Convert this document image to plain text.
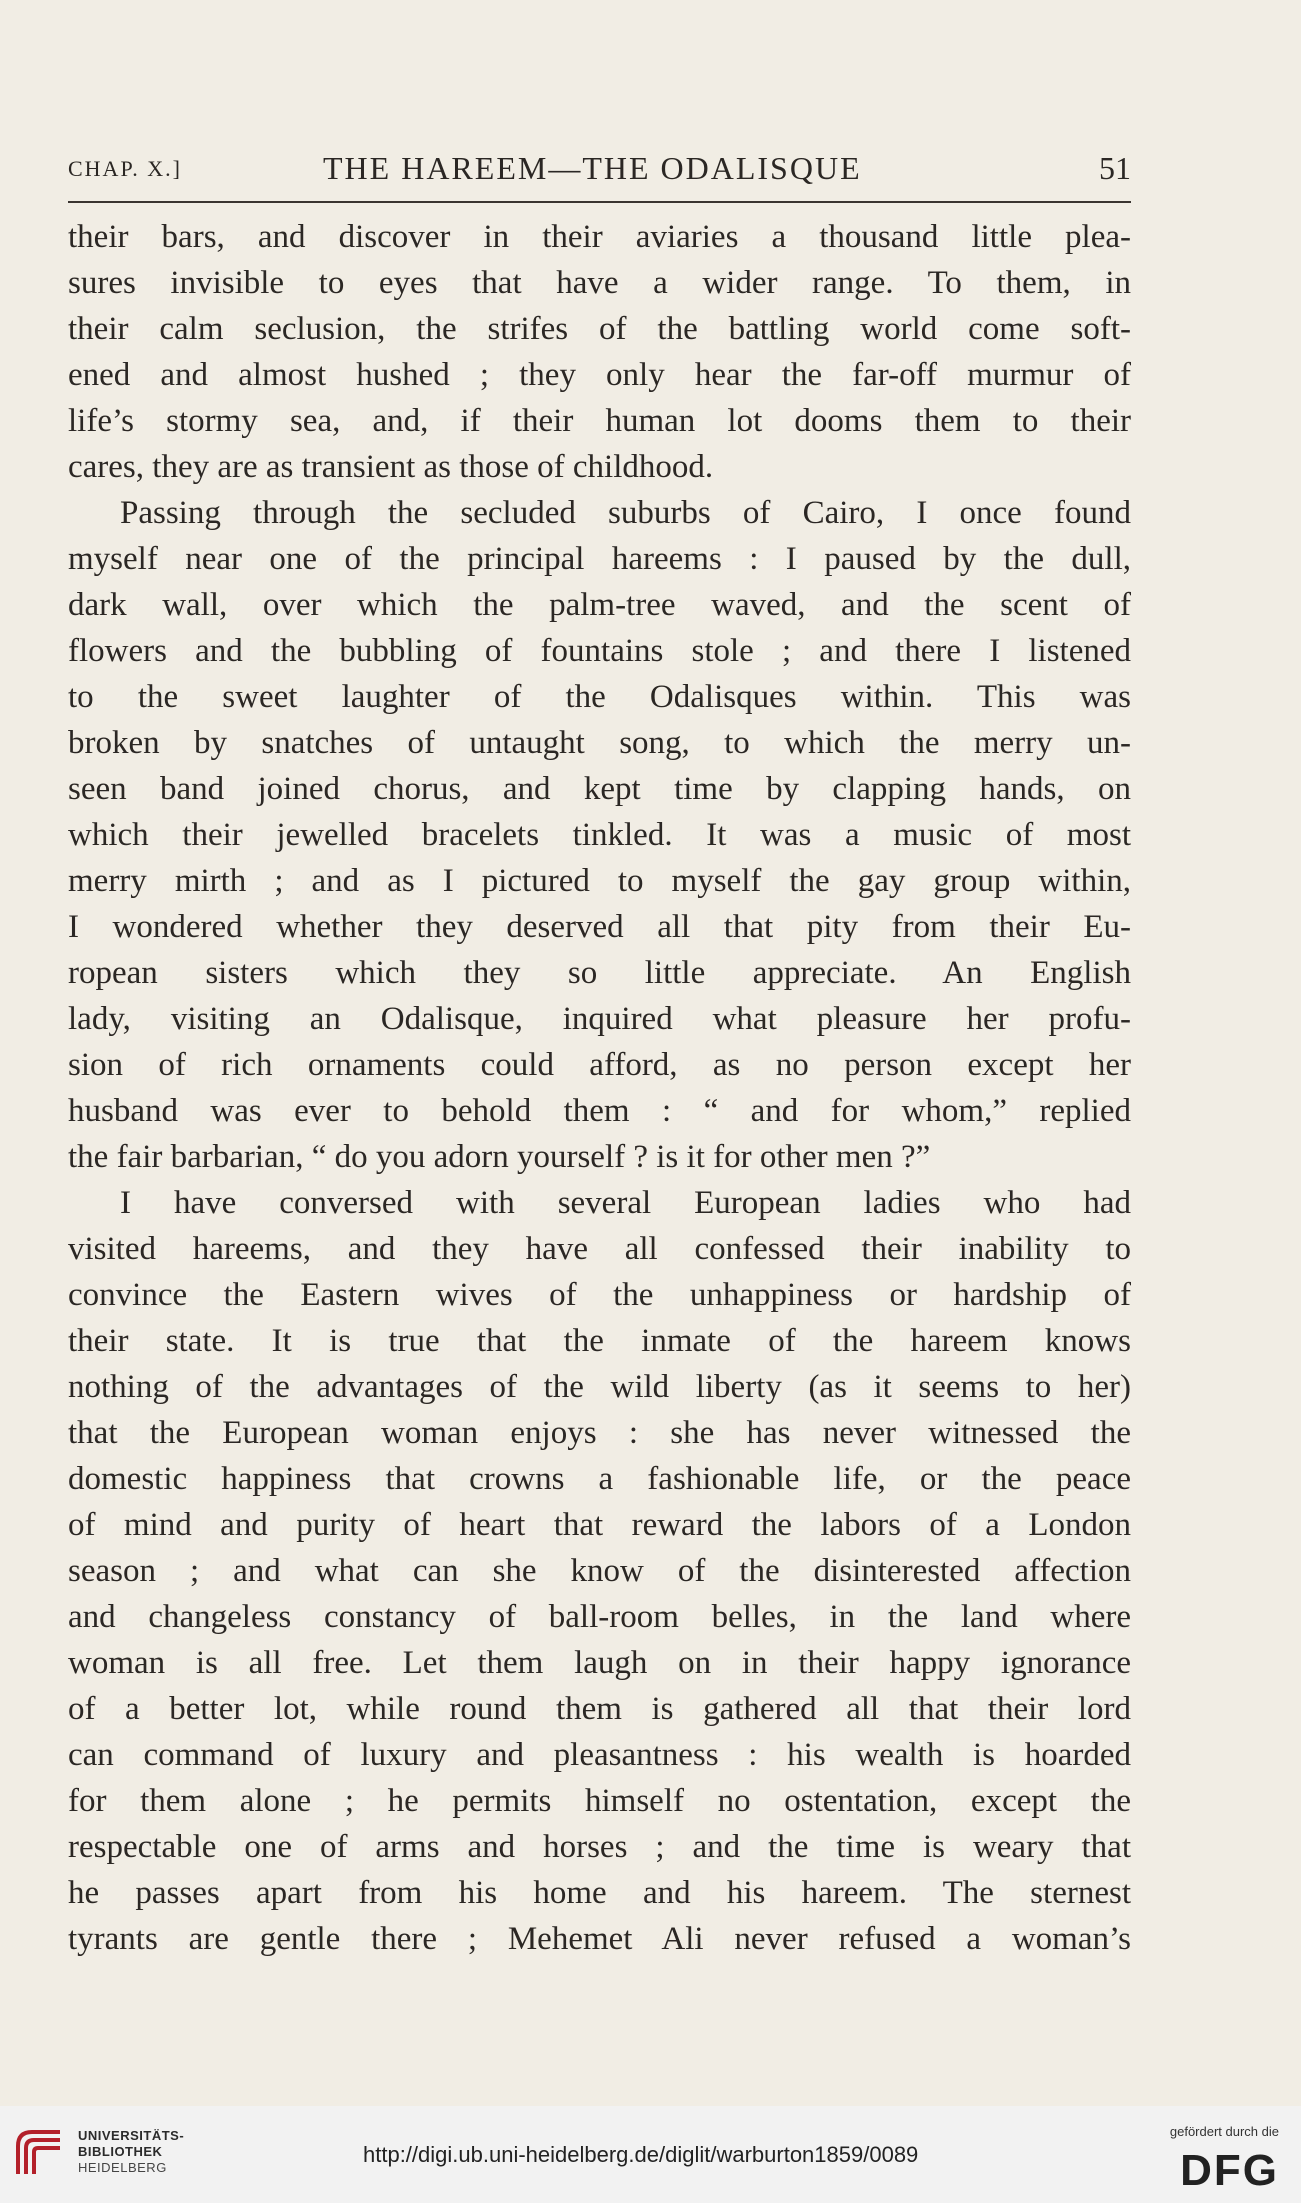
CHAP. X.]	THE HAREEM—THE ODALISQUE	51
their bars, and discover in their aviaries a thousand little plea-
sures invisible to eyes that have a wider range. To them, in
their calm seclusion, the strifes of the battling world come soft-
ened and almost hushed ; they only hear the far-off murmur of
life’s stormy sea, and, if their human lot dooms them to their
cares, they are as transient as those of childhood.
Passing through the secluded suburbs of Cairo, I once found
myself near one of the principal hareems : I paused by the dull,
dark wall, over which the palm-tree waved, and the scent of
flowers and the bubbling of fountains stole ; and there I listened
to the sweet laughter of the Odalisques within. This was
broken by snatches of untaught song, to which the merry un-
seen band joined chorus, and kept time by clapping hands, on
which their jewelled bracelets tinkled. It was a music of most
merry mirth ; and as I pictured to myself the gay group within,
I wondered whether they deserved all that pity from their Eu-
ropean sisters which they so little appreciate. An English
lady, visiting an Odalisque, inquired what pleasure her profu-
sion of rich ornaments could afford, as no person except her
husband was ever to behold them : “ and for whom,” replied
the fair barbarian, “ do you adorn yourself ? is it for other men ?”
I have conversed with several European ladies who had
visited hareems, and they have all confessed their inability to
convince the Eastern wives of the unhappiness or hardship of
their state. It is true that the inmate of the hareem knows
nothing of the advantages of the wild liberty (as it seems to her)
that the European woman enjoys : she has never witnessed the
domestic happiness that crowns a fashionable life, or the peace
of mind and purity of heart that reward the labors of a London
season ; and what can she know of the disinterested affection
and changeless constancy of ball-room belles, in the land where
woman is all free. Let them laugh on in their happy ignorance
of a better lot, while round them is gathered all that their lord
can command of luxury and pleasantness : his wealth is hoarded
for them alone ; he permits himself no ostentation, except the
respectable one of arms and horses ; and the time is weary that
he passes apart from his home and his hareem. The sternest
tyrants are gentle there ; Mehemet Ali never refused a woman’s
UNIVERSITÄTS-
BIBLIOTHEK
HEIDELBERG
http://digi.ub.uni-heidelberg.de/diglit/warburton1859/0089
gefördert durch die
DFG
